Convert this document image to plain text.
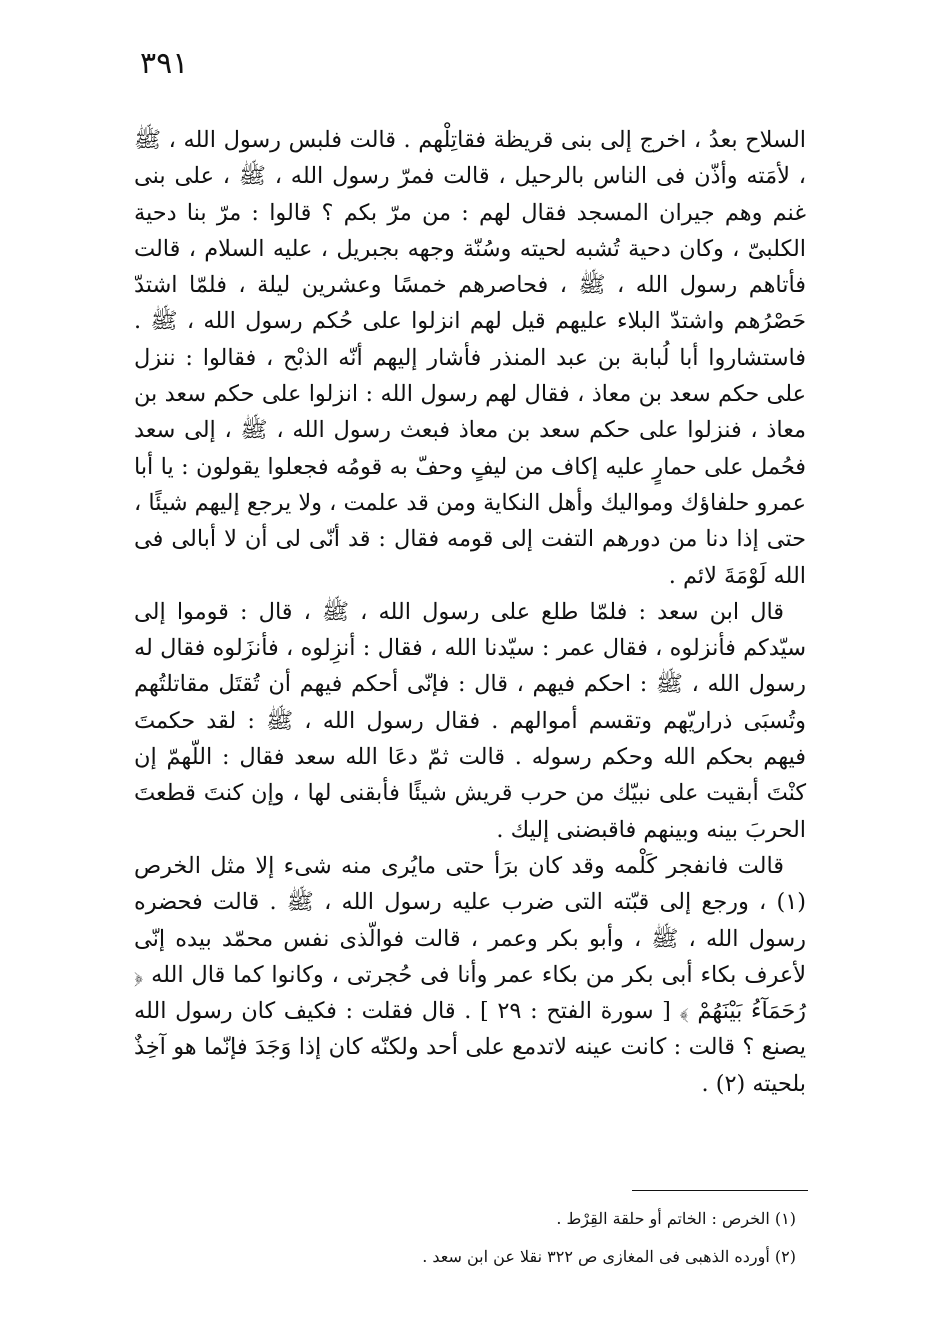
٣٩١

السلاح بعدُ ، اخرج إلى بنى قريظة فقاتِلْهم . قالت فلبس رسول الله ، ﷺ ، لأمَته وأذّن فى الناس بالرحيل ، قالت فمرّ رسول الله ، ﷺ ، على بنى غنم وهم جيران المسجد فقال لهم : من مرّ بكم ؟ قالوا : مرّ بنا دحية الكلبىّ ، وكان دحية تُشبه لحيته وسُنّة وجهه بجبريل ، عليه السلام ، قالت فأتاهم رسول الله ، ﷺ ، فحاصرهم خمسًا وعشرين ليلة ، فلمّا اشتدّ حَصْرُهم واشتدّ البلاء عليهم قيل لهم انزلوا على حُكم رسول الله ، ﷺ . فاستشاروا أبا لُبابة بن عبد المنذر فأشار إليهم أنّه الذبْح ، فقالوا : ننزل على حكم سعد بن معاذ ، فقال لهم رسول الله : انزلوا على حكم سعد بن معاذ ، فنزلوا على حكم سعد بن معاذ فبعث رسول الله ، ﷺ ، إلى سعد فحُمل على حمارٍ عليه إكاف من ليفٍ وحفّ به قومُه فجعلوا يقولون : يا أبا عمرو حلفاؤك ومواليك وأهل النكاية ومن قد علمت ، ولا يرجع إليهم شيئًا ، حتى إذا دنا من دورهم التفت إلى قومه فقال : قد أنّى لى أن لا أبالى فى الله لَوْمَةَ لائم .

قال ابن سعد : فلمّا طلع على رسول الله ، ﷺ ، قال : قوموا إلى سيّدكم فأنزلوه ، فقال عمر : سيّدنا الله ، فقال : أنزِلوه ، فأنزَلوه فقال له رسول الله ، ﷺ : احكم فيهم ، قال : فإنّى أحكم فيهم أن تُقتَل مقاتلتُهم وتُسبَى ذراريّهم وتقسم أموالهم . فقال رسول الله ، ﷺ : لقد حكمتَ فيهم بحكم الله وحكم رسوله . قالت ثمّ دعَا الله سعد فقال : اللّهمّ إن كنْتَ أبقيت على نبيّك من حرب قريش شيئًا فأبقنى لها ، وإن كنتَ قطعتَ الحربَ بينه وبينهم فاقبضنى إليك .

قالت فانفجر كَلْمه وقد كان برَأ حتى مايُرى منه شىء إلا مثل الخرص (١) ، ورجع إلى قبّته التى ضرب عليه رسول الله ، ﷺ . قالت فحضره رسول الله ، ﷺ ، وأبو بكر وعمر ، قالت فوالّذى نفس محمّد بيده إنّى لأعرف بكاء أبى بكر من بكاء عمر وأنا فى حُجرتى ، وكانوا كما قال الله ﴿ رُحَمَآءُ بَيْنَهُمْ ﴾ [ سورة الفتح : ٢٩ ] . قال فقلت : فكيف كان رسول الله يصنع ؟ قالت : كانت عينه لاتدمع على أحد ولكنّه كان إذا وَجَدَ فإنّما هو آخِذٌ بلحيته (٢) .

(١) الخرص : الخاتم أو حلقة القِرْط .

(٢) أورده الذهبى فى المغازى ص ٣٢٢ نقلا عن ابن سعد .
